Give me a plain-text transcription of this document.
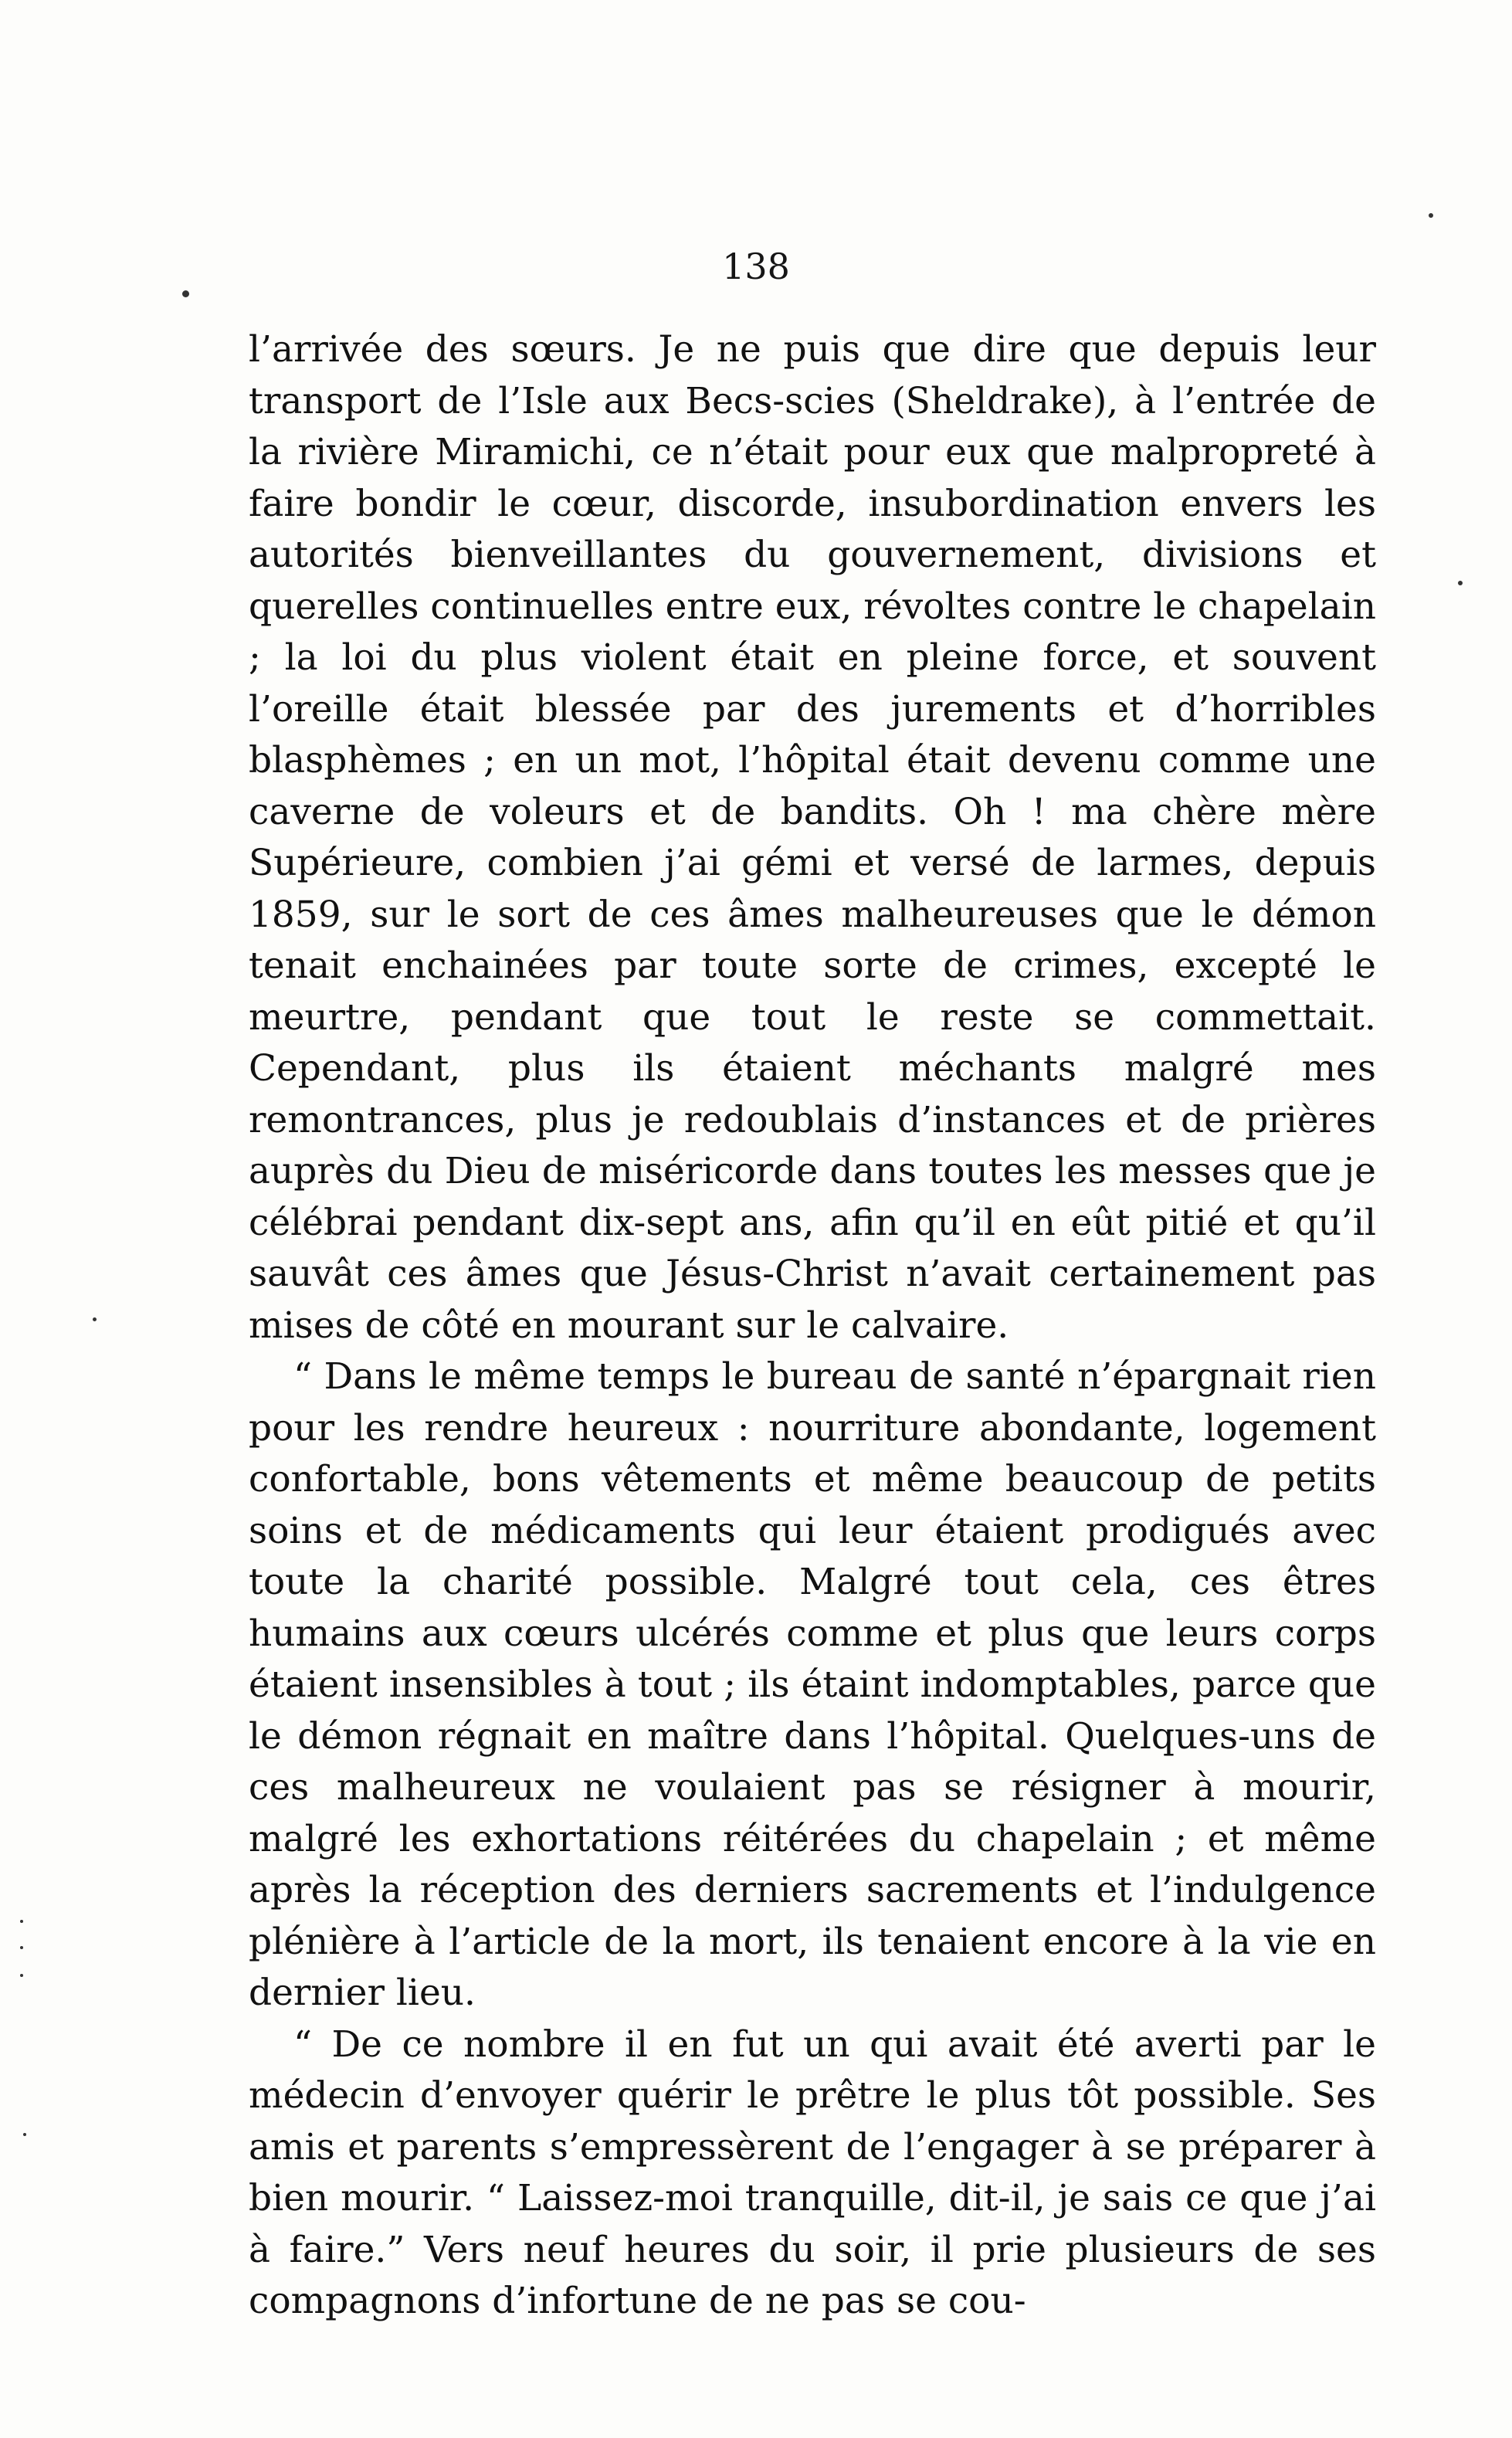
138

l’arrivée des sœurs. Je ne puis que dire que depuis leur transport de l’Isle aux Becs-scies (Sheldrake), à l’entrée de la rivière Miramichi, ce n’était pour eux que malpropreté à faire bondir le cœur, discorde, insubordination envers les autorités bienveillantes du gouvernement, divisions et querelles continuelles entre eux, révoltes contre le chapelain ; la loi du plus violent était en pleine force, et souvent l’oreille était blessée par des jurements et d’horribles blasphèmes ; en un mot, l’hôpital était devenu comme une caverne de voleurs et de bandits. Oh ! ma chère mère Supérieure, combien j’ai gémi et versé de larmes, depuis 1859, sur le sort de ces âmes malheureuses que le démon tenait enchainées par toute sorte de crimes, excepté le meurtre, pendant que tout le reste se commettait. Cependant, plus ils étaient méchants malgré mes remontrances, plus je redoublais d’instances et de prières auprès du Dieu de miséricorde dans toutes les messes que je célébrai pendant dix-sept ans, afin qu’il en eût pitié et qu’il sauvât ces âmes que Jésus-Christ n’avait certainement pas mises de côté en mourant sur le calvaire.

“ Dans le même temps le bureau de santé n’épargnait rien pour les rendre heureux : nourriture abondante, logement confortable, bons vêtements et même beaucoup de petits soins et de médicaments qui leur étaient prodigués avec toute la charité possible. Malgré tout cela, ces êtres humains aux cœurs ulcérés comme et plus que leurs corps étaient insensibles à tout ; ils étaint indomptables, parce que le démon régnait en maître dans l’hôpital. Quelques-uns de ces malheureux ne voulaient pas se résigner à mourir, malgré les exhortations réitérées du chapelain ; et même après la réception des derniers sacrements et l’indulgence plénière à l’article de la mort, ils tenaient encore à la vie en dernier lieu.

“ De ce nombre il en fut un qui avait été averti par le médecin d’envoyer quérir le prêtre le plus tôt possible. Ses amis et parents s’empressèrent de l’engager à se préparer à bien mourir. “ Laissez-moi tranquille, dit-il, je sais ce que j’ai à faire.” Vers neuf heures du soir, il prie plusieurs de ses compagnons d’infortune de ne pas se cou-
